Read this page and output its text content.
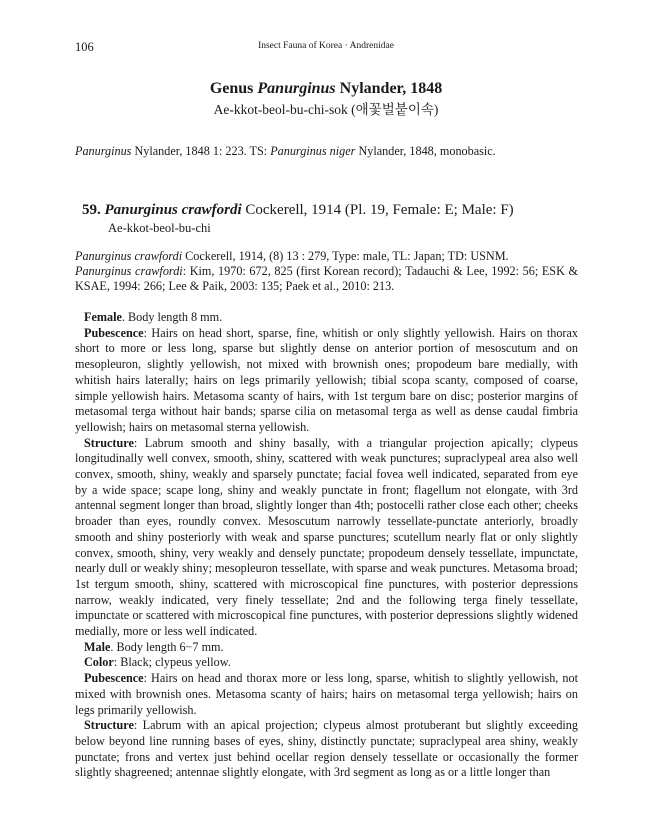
106	Insect Fauna of Korea · Andrenidae
Genus Panurginus Nylander, 1848
Ae-kkot-beol-bu-chi-sok (애꽃벌붙이속)
Panurginus Nylander, 1848 1: 223. TS: Panurginus niger Nylander, 1848, monobasic.
59. Panurginus crawfordi Cockerell, 1914 (Pl. 19, Female: E; Male: F)
Ae-kkot-beol-bu-chi

Panurginus crawfordi Cockerell, 1914, (8) 13 : 279, Type: male, TL: Japan; TD: USNM.

Panurginus crawfordi: Kim, 1970: 672, 825 (first Korean record); Tadauchi & Lee, 1992: 56; ESK & KSAE, 1994: 266; Lee & Paik, 2003: 135; Paek et al., 2010: 213.

Female. Body length 8 mm.

Pubescence: Hairs on head short, sparse, fine, whitish or only slightly yellowish. Hairs on thorax short to more or less long, sparse but slightly dense on anterior portion of mesoscutum and on mesopleuron, slightly yellowish, not mixed with brownish ones; propodeum bare medially, with whitish hairs laterally; hairs on legs primarily yellowish; tibial scopa scanty, composed of coarse, simple yellowish hairs. Metasoma scanty of hairs, with 1st tergum bare on disc; posterior margins of metasomal terga without hair bands; sparse cilia on metasomal terga as well as dense caudal fimbria yellowish; hairs on metasomal sterna yellowish.

Structure: Labrum smooth and shiny basally, with a triangular projection apically; clypeus longitudinally well convex, smooth, shiny, scattered with weak punctures; supraclypeal area also well convex, smooth, shiny, weakly and sparsely punctate; facial fovea well indicated, separated from eye by a wide space; scape long, shiny and weakly punctate in front; flagellum not elongate, with 3rd antennal segment longer than broad, slightly longer than 4th; postocelli rather close each other; cheeks broader than eyes, roundly convex. Mesoscutum narrowly tessellate-punctate anteriorly, broadly smooth and shiny posteriorly with weak and sparse punctures; scutellum nearly flat or only slightly convex, smooth, shiny, very weakly and densely punctate; propodeum densely tessellate, impunctate, nearly dull or weakly shiny; mesopleuron tessellate, with sparse and weak punctures. Metasoma broad; 1st tergum smooth, shiny, scattered with microscopical fine punctures, with posterior depressions narrow, weakly indicated, very finely tessellate; 2nd and the following terga finely tessellate, impunctate or scattered with microscopical fine punctures, with posterior depressions slightly widened medially, more or less well indicated.

Male. Body length 6−7 mm.

Color: Black; clypeus yellow.

Pubescence: Hairs on head and thorax more or less long, sparse, whitish to slightly yellowish, not mixed with brownish ones. Metasoma scanty of hairs; hairs on metasomal terga yellowish; hairs on legs primarily yellowish.

Structure: Labrum with an apical projection; clypeus almost protuberant but slightly exceeding below beyond line running bases of eyes, shiny, distinctly punctate; supraclypeal area shiny, weakly punctate; frons and vertex just behind ocellar region densely tessellate or occasionally the former slightly shagreened; antennae slightly elongate, with 3rd segment as long as or a little longer than
